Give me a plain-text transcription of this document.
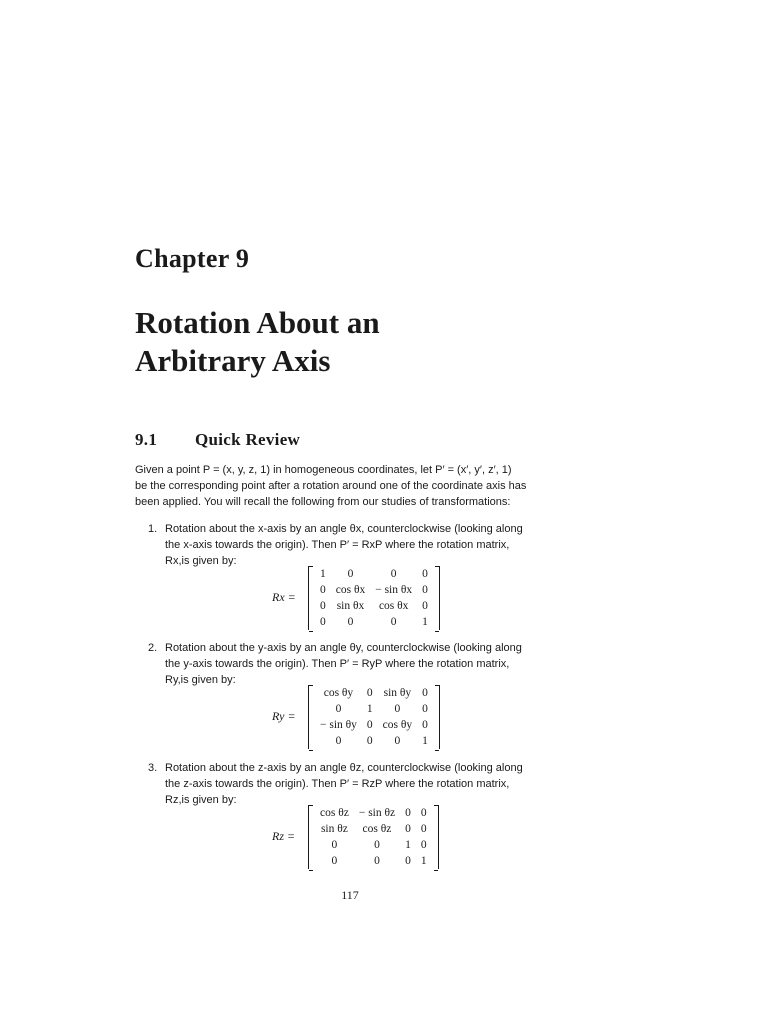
Chapter 9
Rotation About an
Arbitrary Axis
9.1 Quick Review
Given a point P = (x, y, z, 1) in homogeneous coordinates, let P′ = (x′, y′, z′, 1)
be the corresponding point after a rotation around one of the coordinate axis has
been applied. You will recall the following from our studies of transformations:
1. Rotation about the x-axis by an angle θx, counterclockwise (looking along
the x-axis towards the origin). Then P′ = RxP where the rotation matrix,
Rx,is given by:
Rx =
1	0	0	0
0	cos θx	− sin θx	0
0	sin θx	cos θx	0
0	0	0	1
2. Rotation about the y-axis by an angle θy, counterclockwise (looking along
the y-axis towards the origin). Then P′ = RyP where the rotation matrix,
Ry,is given by:
Ry =
cos θy	0	sin θy	0
0	1	0	0
− sin θy	0	cos θy	0
0	0	0	1
3. Rotation about the z-axis by an angle θz, counterclockwise (looking along
the z-axis towards the origin). Then P′ = RzP where the rotation matrix,
Rz,is given by:
Rz =
cos θz	− sin θz	0	0
sin θz	cos θz	0	0
0	0	1	0
0	0	0	1
117
